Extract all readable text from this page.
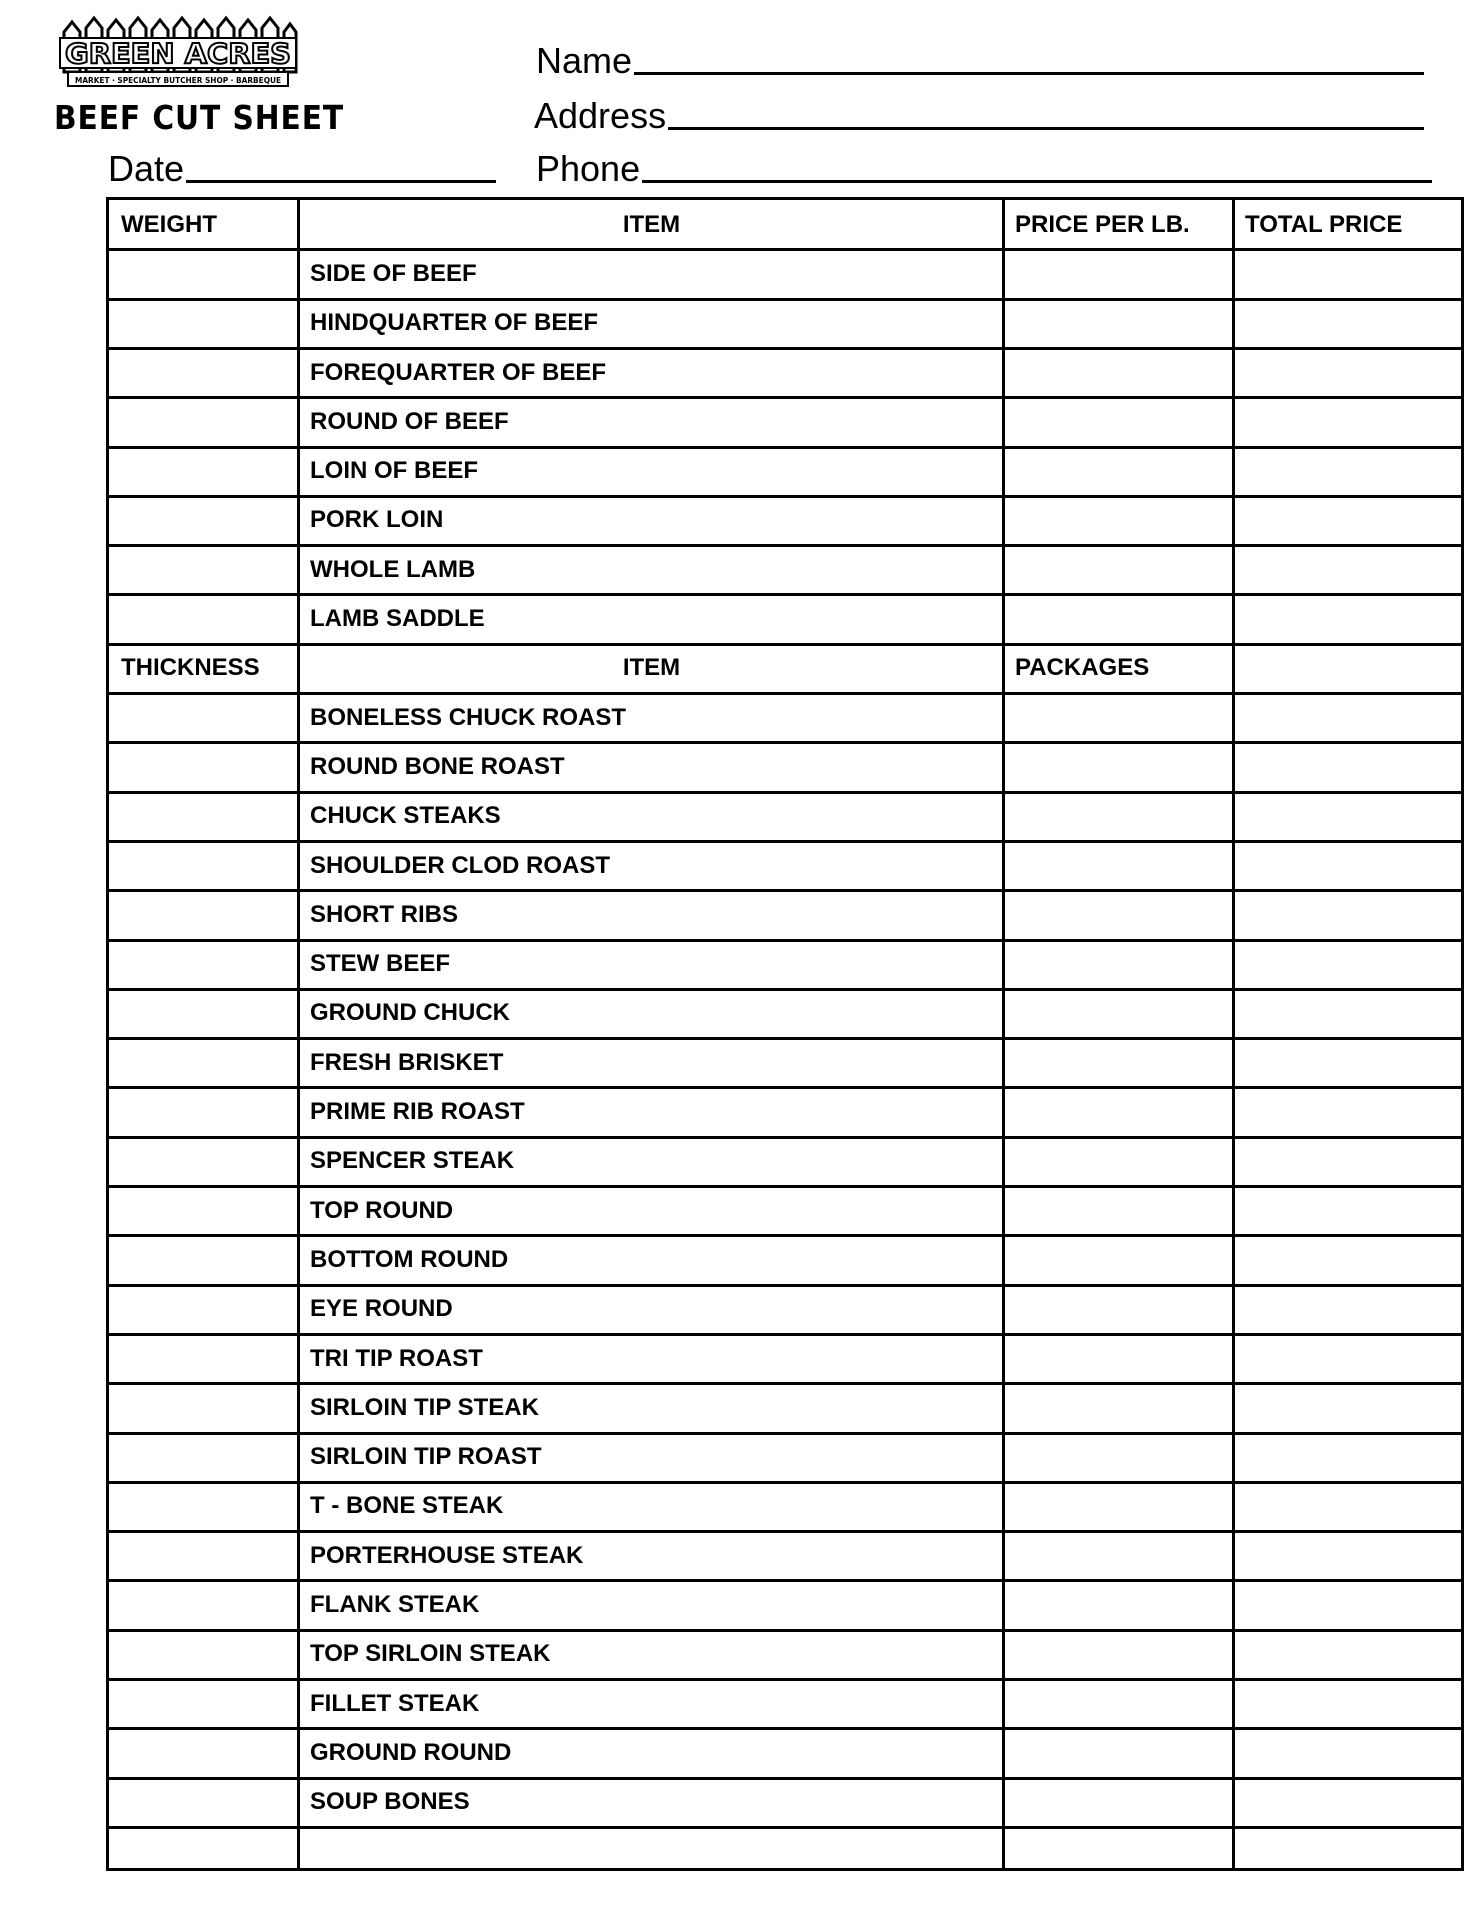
GREEN ACRES
MARKET · SPECIALTY BUTCHER SHOP · BARBEQUE
BEEF CUT SHEET
Name
Address
Date	Phone
WEIGHT	ITEM	PRICE PER LB.	TOTAL PRICE
SIDE OF BEEF
HINDQUARTER OF BEEF
FOREQUARTER OF BEEF
ROUND OF BEEF
LOIN OF BEEF
PORK LOIN
WHOLE LAMB
LAMB SADDLE
THICKNESS	ITEM	PACKAGES
BONELESS CHUCK ROAST
ROUND BONE ROAST
CHUCK STEAKS
SHOULDER CLOD ROAST
SHORT RIBS
STEW BEEF
GROUND CHUCK
FRESH BRISKET
PRIME RIB ROAST
SPENCER STEAK
TOP ROUND
BOTTOM ROUND
EYE ROUND
TRI TIP ROAST
SIRLOIN TIP STEAK
SIRLOIN TIP ROAST
T - BONE STEAK
PORTERHOUSE STEAK
FLANK STEAK
TOP SIRLOIN STEAK
FILLET STEAK
GROUND ROUND
SOUP BONES
